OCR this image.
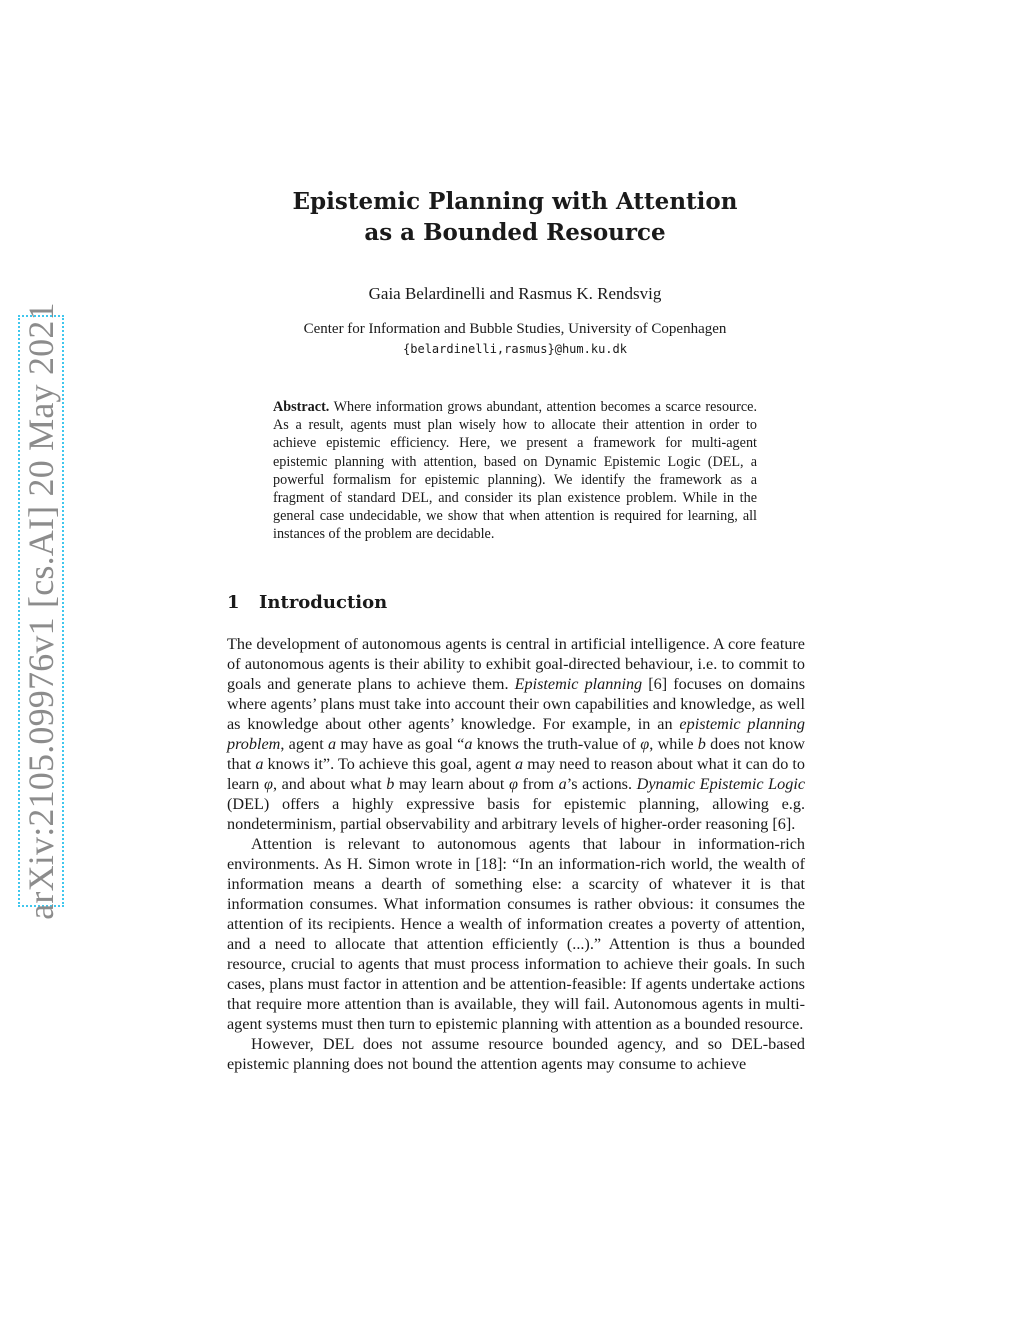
arXiv:2105.09976v1 [cs.AI] 20 May 2021
Epistemic Planning with Attention
as a Bounded Resource
Gaia Belardinelli and Rasmus K. Rendsvig
Center for Information and Bubble Studies, University of Copenhagen
{belardinelli,rasmus}@hum.ku.dk

Abstract. Where information grows abundant, attention becomes a scarce resource. As a result, agents must plan wisely how to allocate their attention in order to achieve epistemic efficiency. Here, we present a framework for multi-agent epistemic planning with attention, based on Dynamic Epistemic Logic (DEL, a powerful formalism for epistemic planning). We identify the framework as a fragment of standard DEL, and consider its plan existence problem. While in the general case undecidable, we show that when attention is required for learning, all instances of the problem are decidable.

1 Introduction

The development of autonomous agents is central in artificial intelligence. A core feature of autonomous agents is their ability to exhibit goal-directed behaviour, i.e. to commit to goals and generate plans to achieve them. Epistemic planning [6] focuses on domains where agents’ plans must take into account their own capabilities and knowledge, as well as knowledge about other agents’ knowledge. For example, in an epistemic planning problem, agent a may have as goal “a knows the truth-value of φ, while b does not know that a knows it”. To achieve this goal, agent a may need to reason about what it can do to learn φ, and about what b may learn about φ from a’s actions. Dynamic Epistemic Logic (DEL) offers a highly expressive basis for epistemic planning, allowing e.g. nondeterminism, partial observability and arbitrary levels of higher-order reasoning [6].

Attention is relevant to autonomous agents that labour in information-rich environments. As H. Simon wrote in [18]: “In an information-rich world, the wealth of information means a dearth of something else: a scarcity of whatever it is that information consumes. What information consumes is rather obvious: it consumes the attention of its recipients. Hence a wealth of information creates a poverty of attention, and a need to allocate that attention efficiently (...).” Attention is thus a bounded resource, crucial to agents that must process information to achieve their goals. In such cases, plans must factor in attention and be attention-feasible: If agents undertake actions that require more attention than is available, they will fail. Autonomous agents in multi-agent systems must then turn to epistemic planning with attention as a bounded resource.

However, DEL does not assume resource bounded agency, and so DEL-based epistemic planning does not bound the attention agents may consume to achieve
